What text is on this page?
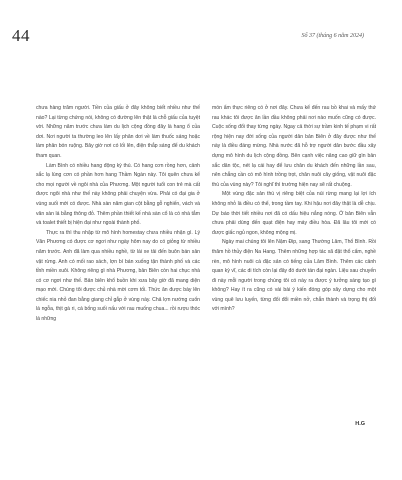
44	Số 37 (tháng 6 năm 2024)

chưa hàng trăm người. Tiền của giấu ở đây không biết nhiều như thế nào? Lại từng chứng nói, không có đường lên thật là chỗ giấu của tuyệt vời. Những năm trước chưa làm du lịch cộng đồng đây là hang ổ của dơi. Nơi người ta thường leo lên lấy phân dơi về làm thuốc sáng hoặc làm phân bón ruộng. Bây giờ nơi có lối lên, điện thắp sáng để du khách tham quan.

Làm Bình có nhiều hang động kỳ thú. Có hang cơn rồng hơn, cảnh sắc lạ lùng cơn có phần hơn hang Thầm Ngàn này. Tôi quên chưa kể cho mọi người về ngôi nhà của Phương. Một người tuổi con trẻ mà cất được ngôi nhà như thế này không phải chuyện vừa. Phải có đại gia ở vùng suối mới có được. Nhà sàn năm gian cột bằng gỗ nghiến, vách và văn sàn lá bằng thông đỏ. Thêm phần thiết kế nhà sàn cổ là có nhà tắm và toalet thiết bị hiện đại như ngoài thành phố.

Thực ra thì thu nhập từ mô hình homestay chưa nhiều nhặn gì. Lý Văn Phương có được cơ ngơi như ngày hôm nay do có giỏng từ nhiều năm trước. Anh đã làm qua nhiều nghề, từ lái xe tải đến buôn bán sản vật rừng. Anh có mối rao sách, lợn bí bán xuống tận thành phố và các tỉnh miền xuôi. Không riêng gì nhà Phương, bản Biên còn hai chục nhà có cơ ngơi như thế. Bản biên khổ buồn khi xưa bây giờ đã mang diện mạo mới. Chúng tôi được chủ nhà mời cơm tối. Thức ăn được bày lên chiếc nia nhỏ đan bằng giang chỉ gắp ở vùng này. Chả lợn nướng cuốn lá ngỗa, thịt gà ri, cá bống suối nấu với rau muống chua... rồi rượu thóc lá những

món ẩm thực riêng có ở nơi đây. Chưa kể đến rau bồ khai và mấy thứ rau khác tôi được ăn lần đầu không phải nơi nào muốn cũng có được. Cuộc sống đổi thay từng ngày. Ngay cả thời sự trầm kinh tế phạm vi rất rộng hiện nay đời sống của người dân bản Biên ở đây được như thế này là điều đáng mừng. Nhà nước đã hỗ trợ người dân bước đầu xây dựng mô hình du lịch cộng đồng. Bên cạnh việc năng cao giữ gìn bản sắc dân tộc, nét lạ cái hay để lưu chân du khách đến những lần sau, nên chẳng cần có mô hình trồng trọt, chăn nuôi cây giống, vật nuôi đặc thù của vùng này? Tôi nghĩ thì trường hiện nay sẽ rất chuộng.

Một vùng đặc sản thú vị riêng biệt của núi rừng mang lại lợi ích không nhỏ là điều có thể, trong tầm tay. Khi hậu nơi đây thật là dễ chịu. Dự báo thời tiết nhiều nơi đã có dấu hiệu nắng nóng. Ở bản Biên vẫn chưa phải dùng đến quạt điện hay máy điều hòa. Đã lâu tôi mới có được giấc ngủ ngon, không mộng mị.

Ngày mai chúng tôi lên Nậm Đip, sang Thường Lâm, Thổ Bình. Rồi thăm hồ thủy điện Na Hang. Thêm những hợp tác xã đặt thổ cẩm, nghề rèn, mô hình nuôi cá đặc sản có tiếng của Lâm Bình. Thêm các cảnh quan kỳ vĩ, các di tích còn lại đây đó dưới tán đại ngàn. Liệu sau chuyến đi này mỗi người trong chúng tôi có này ra được ý tưởng sáng tạo gì không? Hay ít ra cũng có vài bài ý kiến đóng góp xây dựng cho một vùng quê lưu luyến, từng đổi đổi miền nở, chẳn thành và trọng thị đối với mình?

H.G
